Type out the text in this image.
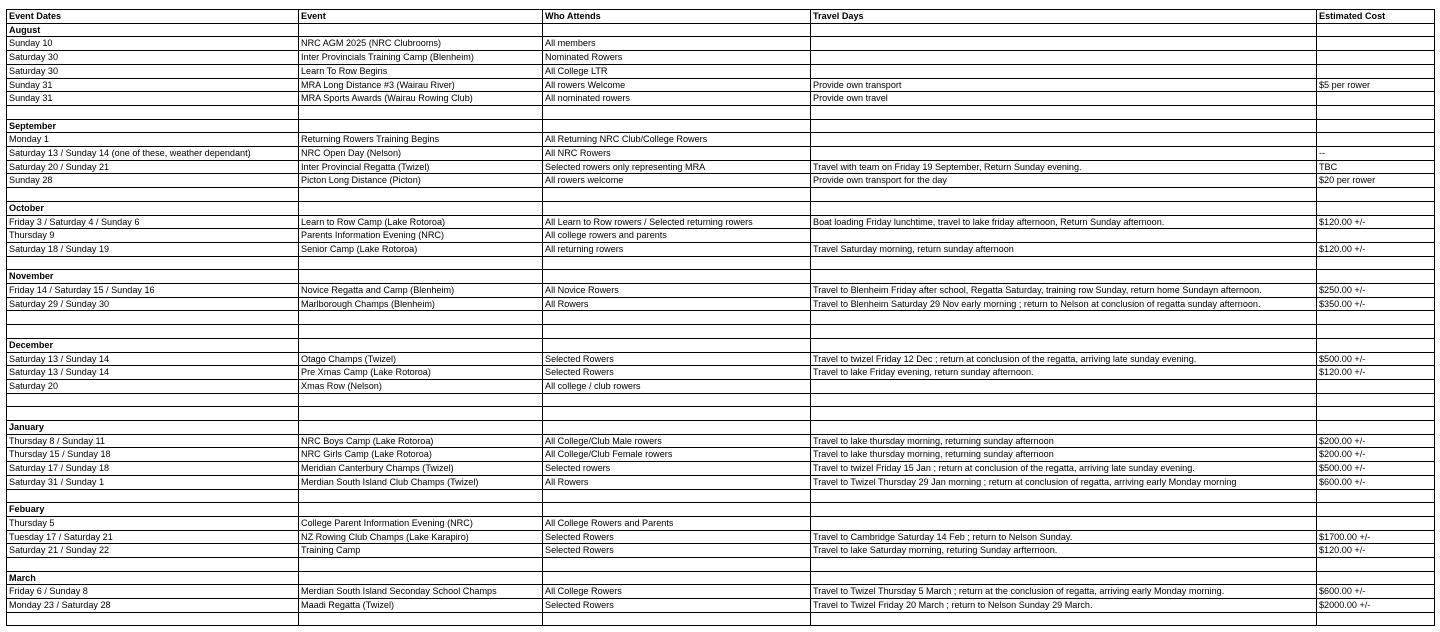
Event Dates	Event	Who Attends	Travel Days	Estimated Cost
August				
Sunday 10	NRC AGM 2025 (NRC Clubrooms)	All members		
Saturday 30	Inter Provincials Training Camp (Blenheim)	Nominated Rowers		
Saturday 30	Learn To Row Begins	All College LTR		
Sunday 31	MRA Long Distance #3 (Wairau River)	All rowers Welcome	Provide own transport	$5 per rower
Sunday 31	MRA Sports Awards (Wairau Rowing Club)	All nominated rowers	Provide own travel	

September				
Monday 1	Returning Rowers Training Begins	All Returning NRC Club/College Rowers		
Saturday 13 / Sunday 14 (one of these, weather dependant)	NRC Open Day (Nelson)	All NRC Rowers		--
Saturday 20 / Sunday 21	Inter Provincial Regatta (Twizel)	Selected rowers only representing MRA	Travel with team on Friday 19 September, Return Sunday evening.	TBC
Sunday 28	Picton Long Distance (Picton)	All rowers welcome	Provide own transport for the day	$20 per rower

October				
Friday 3 / Saturday 4 / Sunday 6	Learn to Row Camp (Lake Rotoroa)	All Learn to Row rowers / Selected returning rowers	Boat loading Friday lunchtime, travel to lake friday afternoon, Return Sunday afternoon.	$120.00 +/-
Thursday 9	Parents Information Evening (NRC)	All college rowers and parents		
Saturday 18 / Sunday 19	Senior Camp (Lake Rotoroa)	All returning rowers	Travel Saturday morning, return sunday afternoon	$120.00 +/-

November				
Friday 14 / Saturday 15 / Sunday 16	Novice Regatta and Camp (Blenheim)	All Novice Rowers	Travel to Blenheim Friday after school, Regatta Saturday, training row Sunday, return home Sundayn afternoon.	$250.00 +/-
Saturday 29 / Sunday 30	Marlborough Champs (Blenheim)	All Rowers	Travel to Blenheim Saturday 29 Nov early morning ; return to Nelson at conclusion of regatta sunday afternoon.	$350.00 +/-

December				
Saturday 13 / Sunday 14	Otago Champs (Twizel)	Selected Rowers	Travel to twizel Friday 12 Dec ; return at conclusion of the regatta, arriving late sunday evening.	$500.00 +/-
Saturday 13 / Sunday 14	Pre Xmas Camp (Lake Rotoroa)	Selected Rowers	Travel to lake Friday evening, return sunday afternoon.	$120.00 +/-
Saturday 20	Xmas Row (Nelson)	All college / club rowers		

January				
Thursday 8 / Sunday 11	NRC Boys Camp (Lake Rotoroa)	All College/Club Male rowers	Travel to lake thursday morning, returning sunday afternoon	$200.00 +/-
Thursday 15 / Sunday 18	NRC Girls Camp (Lake Rotoroa)	All College/Club Female rowers	Travel to lake thursday morning, returning sunday afternoon	$200.00 +/-
Saturday 17 / Sunday 18	Meridian Canterbury Champs (Twizel)	Selected rowers	Travel to twizel Friday 15 Jan ; return at conclusion of the regatta, arriving late sunday evening.	$500.00 +/-
Saturday 31 / Sunday 1	Merdian South Island Club Champs (Twizel)	All Rowers	Travel to Twizel Thursday 29 Jan morning ; return at conclusion of regatta, arriving early Monday morning	$600.00 +/-

Febuary				
Thursday 5	College Parent Information Evening (NRC)	All College Rowers and Parents		
Tuesday 17 / Saturday 21	NZ Rowing Club Champs (Lake Karapiro)	Selected Rowers	Travel to Cambridge Saturday 14 Feb ; return to Nelson Sunday.	$1700.00 +/-
Saturday 21 / Sunday 22	Training Camp	Selected Rowers	Travel to lake Saturday morning, returing Sunday arfternoon.	$120.00 +/-

March				
Friday 6 / Sunday 8	Merdian South Island Seconday School Champs	All College Rowers	Travel to Twizel Thursday 5 March ; return at the conclusion of regatta, arriving early Monday morning.	$600.00 +/-
Monday 23 / Saturday 28	Maadi Regatta (Twizel)	Selected Rowers	Travel to Twizel Friday 20 March ; return to Nelson Sunday 29 March.	$2000.00 +/-
